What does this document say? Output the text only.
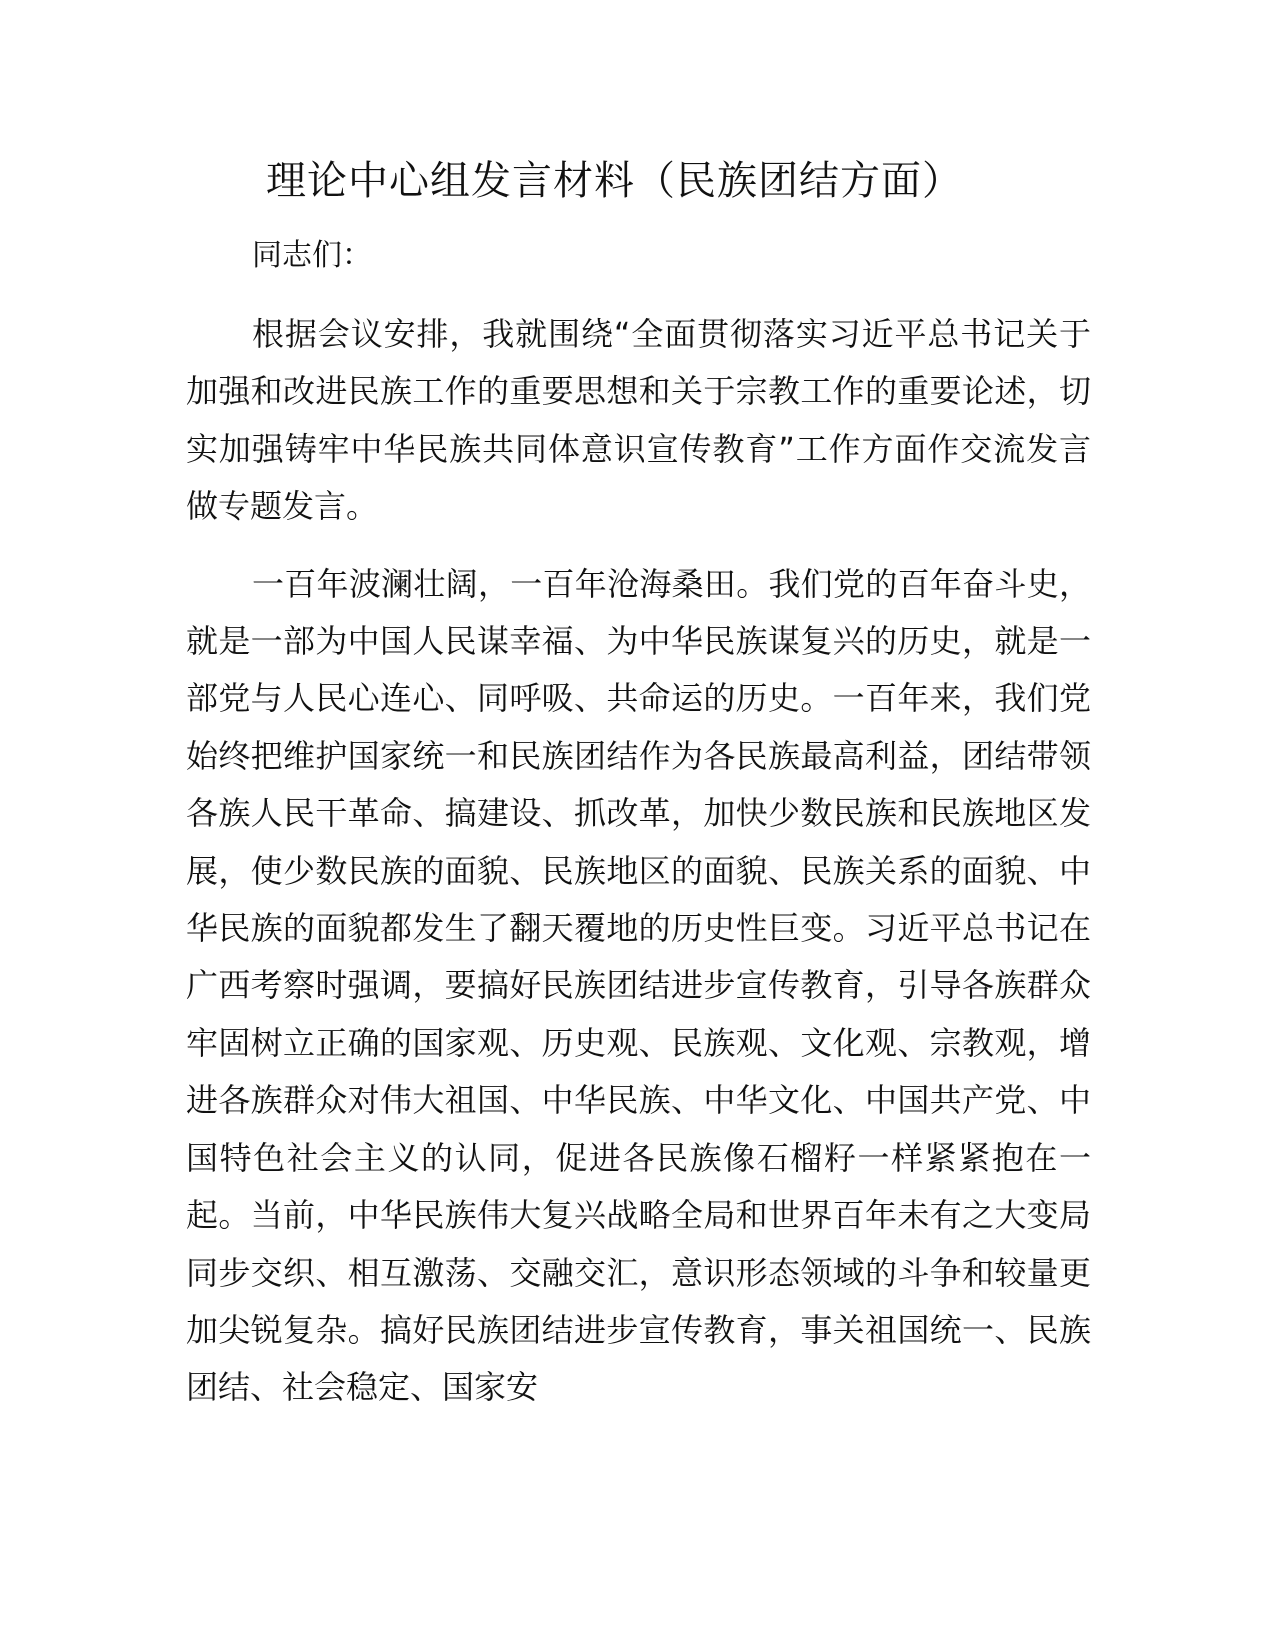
理论中心组发言材料（民族团结方面）

同志们：

根据会议安排，我就围绕“全面贯彻落实习近平总书记关于加强和改进民族工作的重要思想和关于宗教工作的重要论述，切实加强铸牢中华民族共同体意识宣传教育”工作方面作交流发言做专题发言。

一百年波澜壮阔，一百年沧海桑田。我们党的百年奋斗史，就是一部为中国人民谋幸福、为中华民族谋复兴的历史，就是一部党与人民心连心、同呼吸、共命运的历史。一百年来，我们党始终把维护国家统一和民族团结作为各民族最高利益，团结带领各族人民干革命、搞建设、抓改革，加快少数民族和民族地区发展，使少数民族的面貌、民族地区的面貌、民族关系的面貌、中华民族的面貌都发生了翻天覆地的历史性巨变。习近平总书记在广西考察时强调，要搞好民族团结进步宣传教育，引导各族群众牢固树立正确的国家观、历史观、民族观、文化观、宗教观，增进各族群众对伟大祖国、中华民族、中华文化、中国共产党、中国特色社会主义的认同，促进各民族像石榴籽一样紧紧抱在一起。当前，中华民族伟大复兴战略全局和世界百年未有之大变局同步交织、相互激荡、交融交汇，意识形态领域的斗争和较量更加尖锐复杂。搞好民族团结进步宣传教育，事关祖国统一、民族团结、社会稳定、国家安
